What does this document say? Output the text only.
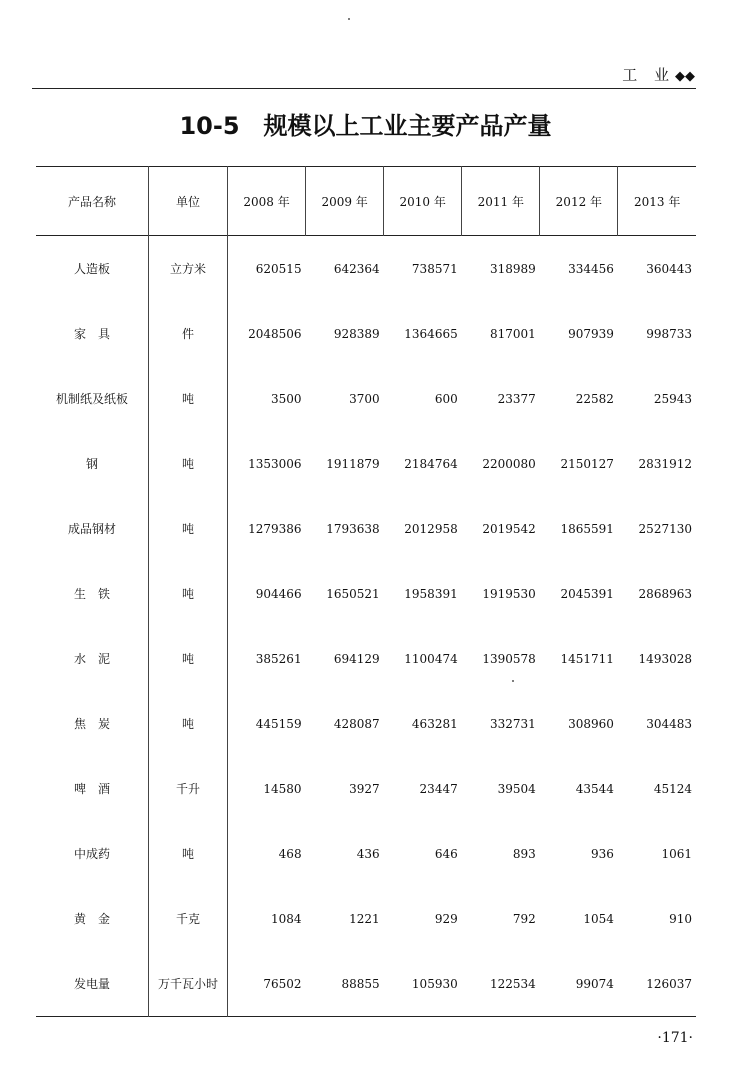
工 业◆◆
10-5　规模以上工业主要产品产量
产品名称	单位	2008 年	2009 年	2010 年	2011 年	2012 年	2013 年
人造板	立方米	620515	642364	738571	318989	334456	360443
家　具	件	2048506	928389	1364665	817001	907939	998733
机制纸及纸板	吨	3500	3700	600	23377	22582	25943
钢	吨	1353006	1911879	2184764	2200080	2150127	2831912
成品钢材	吨	1279386	1793638	2012958	2019542	1865591	2527130
生　铁	吨	904466	1650521	1958391	1919530	2045391	2868963
水　泥	吨	385261	694129	1100474	1390578	1451711	1493028
焦　炭	吨	445159	428087	463281	332731	308960	304483
啤　酒	千升	14580	3927	23447	39504	43544	45124
中成药	吨	468	436	646	893	936	1061
黄　金	千克	1084	1221	929	792	1054	910
发电量	万千瓦小时	76502	88855	105930	122534	99074	126037
·171·
